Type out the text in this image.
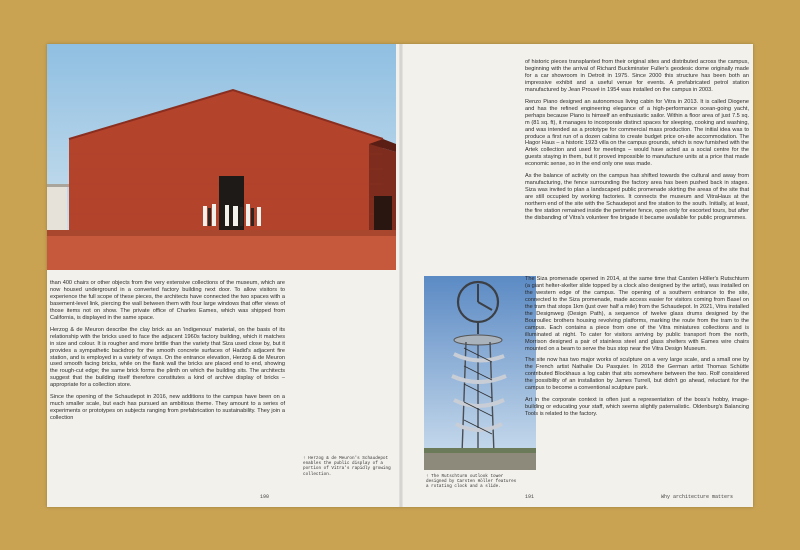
than 400 chairs or other objects from the very extensive collections of the museum, which are now housed underground in a converted factory building next door. To allow visitors to experience the full scope of these pieces, the architects have connected the two spaces with a basement-level link, piercing the wall between them with four large windows that offer views of those items not on show. The private office of Charles Eames, which was shipped from California, is displayed in the same space.

Herzog & de Meuron describe the clay brick as an 'indigenous' material, on the basis of its relationship with the bricks used to face the adjacent 1960s factory building, which it matches in size and colour. It is rougher and more brittle than the variety that Siza used close by, but it provides a sympathetic backdrop for the smooth concrete surfaces of Hadid's adjacent fire station, and is employed in a variety of ways. On the entrance elevation, Herzog & de Meuron used smooth facing bricks, while on the flank wall the bricks are placed end to end, showing the rough-cut edge; the same brick forms the plinth on which the building sits. The architects suggest that the building itself therefore constitutes a kind of archive display of bricks – appropriate for a collection store.

Since the opening of the Schaudepot in 2016, new additions to the campus have been on a much smaller scale, but each has pursued an ambitious theme. They amount to a series of experiments or prototypes on subjects ranging from prefabrication to sustainability. They join a collection

↑ Herzog & de Meuron's Schaudepot enables the public display of a portion of Vitra's rapidly growing collection.

190

of historic pieces transplanted from their original sites and distributed across the campus, beginning with the arrival of Richard Buckminster Fuller's geodesic dome originally made for a car showroom in Detroit in 1975. Since 2000 this structure has been both an impressive exhibit and a useful venue for events. A prefabricated petrol station manufactured by Jean Prouvé in 1954 was installed on the campus in 2003.

Renzo Piano designed an autonomous living cabin for Vitra in 2013. It is called Diogene and has the refined engineering elegance of a high-performance ocean-going yacht, perhaps because Piano is himself an enthusiastic sailor. Within a floor area of just 7.5 sq. m (81 sq. ft), it manages to incorporate distinct spaces for sleeping, cooking and washing, and was intended as a prototype for commercial mass production. The initial idea was to produce a first run of a dozen cabins to create budget price on-site accommodation. The Hagor Haus – a historic 1923 villa on the campus grounds, which is now furnished with the Artek collection and used for meetings – would have acted as a social centre for the guests staying in them, but it proved impossible to manufacture units at a price that made economic sense, so in the end only one was made.

As the balance of activity on the campus has shifted towards the cultural and away from manufacturing, the fence surrounding the factory area has been pushed back in stages. Siza was invited to plan a landscaped public promenade skirting the areas of the site that are still occupied by working factories. It connects the museum and VitraHaus at the northern end of the site with the Schaudepot and fire station to the south. Initially, at least, the fire station remained inside the perimeter fence, open only for escorted tours, but after the disbanding of Vitra's volunteer fire brigade it became available for public programmes.

↑ The Rutschturm outlook tower designed by Carsten Höller features a rotating clock and a slide.

The Siza promenade opened in 2014, at the same time that Carsten Höller's Rutschturm (a giant helter-skelter slide topped by a clock also designed by the artist), was installed on the western edge of the campus. The opening of a southern entrance to the site, connected to the Siza promenade, made access easier for visitors coming from Basel on the tram that stops 1km (just over half a mile) from the Schaudepot. In 2021, Vitra installed the Designweg (Design Path), a sequence of twelve glass drums designed by the Bouroullec brothers housing revolving platforms, marking the route from the tram to the campus. Each contains a piece from one of the Vitra miniatures collections and is illuminated at night. To cater for visitors arriving by public transport from the north, Morrison designed a pair of stainless steel and glass shelters with Eames wire chairs mounted on a beam to serve the bus stop near the Vitra Design Museum.

The site now has two major works of sculpture on a very large scale, and a small one by the French artist Nathalie Du Pasquier. In 2018 the German artist Thomas Schütte contributed Blockhaus a log cabin that sits somewhere between the two. Rolf considered the possibility of an installation by James Turrell, but didn't go ahead, reluctant for the campus to become a conventional sculpture park.

Art in the corporate context is often just a representation of the boss's hobby, image-building or educating your staff, which seems slightly paternalistic. Oldenburg's Balancing Tools is related to the factory.

191	Why architecture matters
